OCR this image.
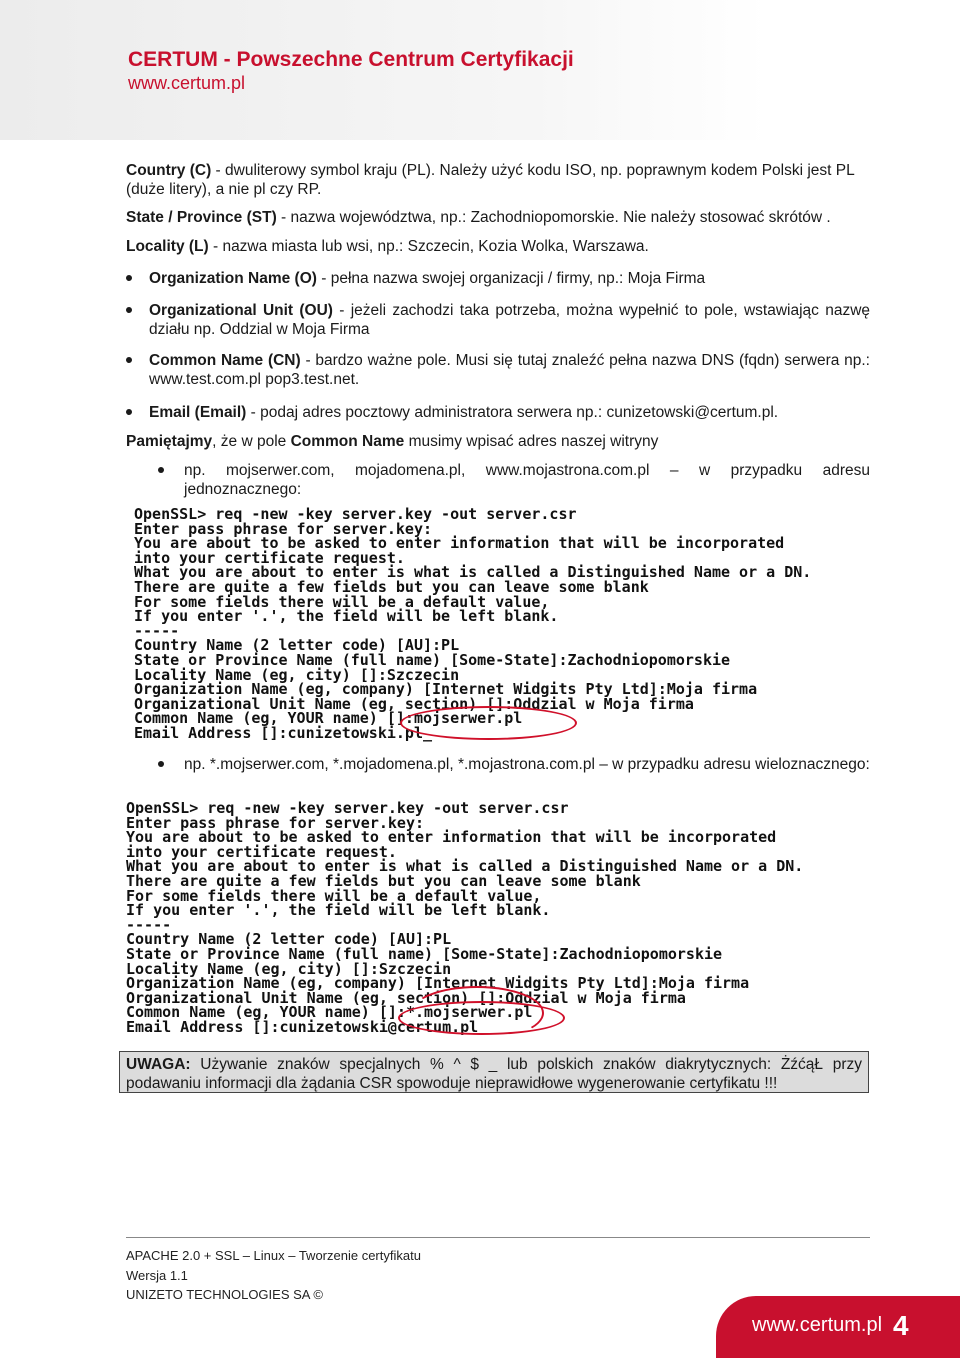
CERTUM - Powszechne Centrum Certyfikacji
www.certum.pl
Country (C) - dwuliterowy symbol kraju (PL). Należy użyć kodu ISO, np. poprawnym kodem Polski jest PL (duże litery), a nie pl czy RP.
State / Province (ST) - nazwa województwa, np.: Zachodniopomorskie. Nie należy stosować skrótów .
Locality (L) - nazwa miasta lub wsi, np.: Szczecin, Kozia Wolka, Warszawa.
Organization Name (O) - pełna nazwa swojej organizacji / firmy, np.: Moja Firma
Organizational Unit (OU) - jeżeli zachodzi taka potrzeba, można wypełnić to pole, wstawiając nazwę działu np. Oddzial w Moja Firma
Common Name (CN) - bardzo ważne pole. Musi się tutaj znaleźć pełna nazwa DNS (fqdn) serwera np.: www.test.com.pl pop3.test.net.
Email (Email) - podaj adres pocztowy administratora serwera np.: cunizetowski@certum.pl.
Pamiętajmy, że w pole Common Name musimy wpisać adres naszej witryny
np. mojserwer.com, mojadomena.pl, www.mojastrona.com.pl – w przypadku adresu jednoznacznego:
OpenSSL> req -new -key server.key -out server.csr
Enter pass phrase for server.key:
You are about to be asked to enter information that will be incorporated
into your certificate request.
What you are about to enter is what is called a Distinguished Name or a DN.
There are quite a few fields but you can leave some blank
For some fields there will be a default value,
If you enter '.', the field will be left blank.
-----
Country Name (2 letter code) [AU]:PL
State or Province Name (full name) [Some-State]:Zachodniopomorskie
Locality Name (eg, city) []:Szczecin
Organization Name (eg, company) [Internet Widgits Pty Ltd]:Moja firma
Organizational Unit Name (eg, section) []:Oddzial w Moja firma
Common Name (eg, YOUR name) []:mojserwer.pl
Email Address []:cunizetowski.pl_
np. *.mojserwer.com, *.mojadomena.pl, *.mojastrona.com.pl – w przypadku adresu wieloznacznego:
OpenSSL> req -new -key server.key -out server.csr
Enter pass phrase for server.key:
You are about to be asked to enter information that will be incorporated
into your certificate request.
What you are about to enter is what is called a Distinguished Name or a DN.
There are quite a few fields but you can leave some blank
For some fields there will be a default value,
If you enter '.', the field will be left blank.
-----
Country Name (2 letter code) [AU]:PL
State or Province Name (full name) [Some-State]:Zachodniopomorskie
Locality Name (eg, city) []:Szczecin
Organization Name (eg, company) [Internet Widgits Pty Ltd]:Moja firma
Organizational Unit Name (eg, section) []:Oddzial w Moja firma
Common Name (eg, YOUR name) []:*.mojserwer.pl
Email Address []:cunizetowski@certum.pl
UWAGA: Używanie znaków specjalnych % ^ $ _ lub polskich znaków diakrytycznych: ŻźćąŁ przy podawaniu informacji dla żądania CSR spowoduje nieprawidłowe wygenerowanie certyfikatu !!!
APACHE 2.0 + SSL – Linux – Tworzenie certyfikatu
Wersja 1.1
UNIZETO TECHNOLOGIES SA ©
www.certum.pl 4
